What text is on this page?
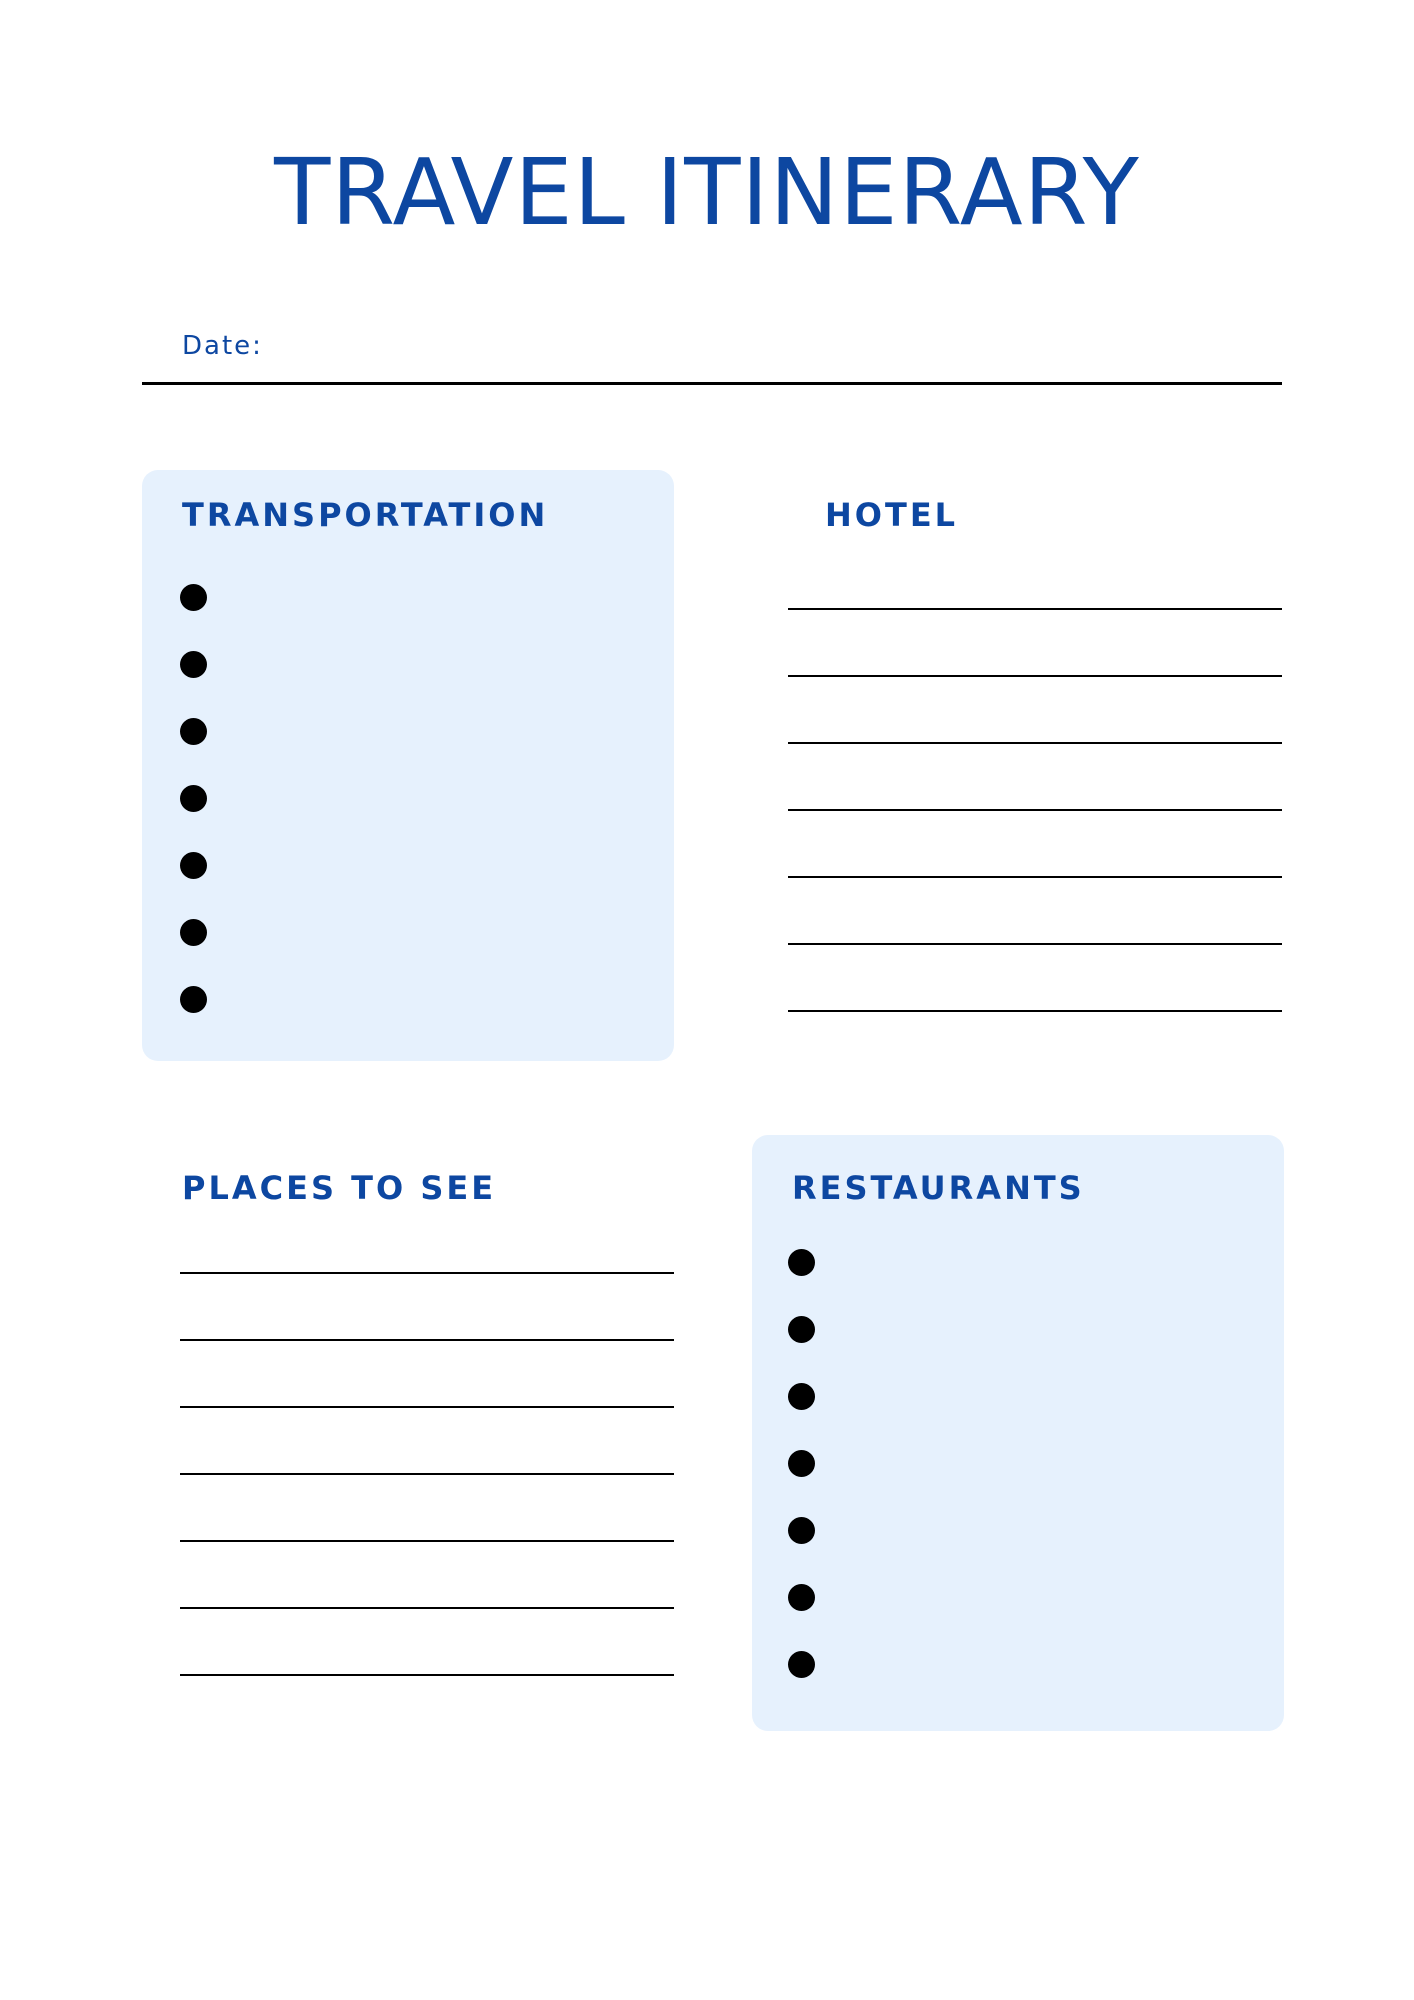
TRAVEL ITINERARY
Date:
TRANSPORTATION	HOTEL
PLACES TO SEE	RESTAURANTS
